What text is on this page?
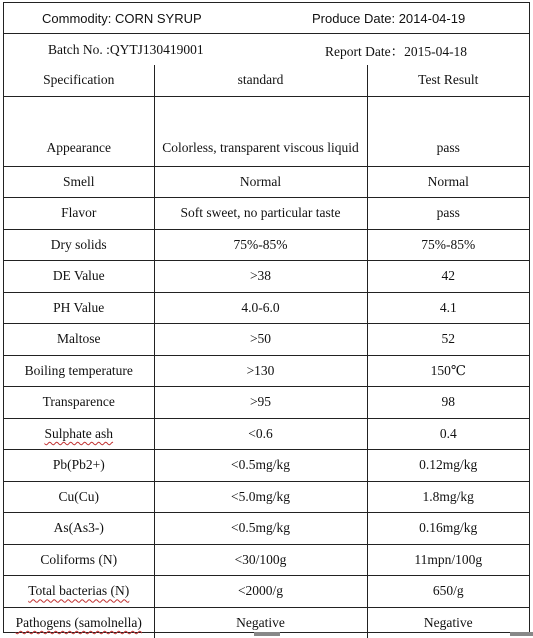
Commodity: CORN SYRUP	Produce Date: 2014-04-19
Batch No. :QYTJ130419001	Report Date：2015-04-18
Specification	standard	Test Result
Appearance	Colorless, transparent viscous liquid	pass
Smell	Normal	Normal
Flavor	Soft sweet, no particular taste	pass
Dry solids	75%-85%	75%-85%
DE Value	>38	42
PH Value	4.0-6.0	4.1
Maltose	>50	52
Boiling temperature	>130	150℃
Transparence	>95	98
Sulphate ash	<0.6	0.4
Pb(Pb2+)	<0.5mg/kg	0.12mg/kg
Cu(Cu)	<5.0mg/kg	1.8mg/kg
As(As3-)	<0.5mg/kg	0.16mg/kg
Coliforms (N)	<30/100g	11mpn/100g
Total bacterias (N)	<2000/g	650/g
Pathogens (samolnella)	Negative	Negative
